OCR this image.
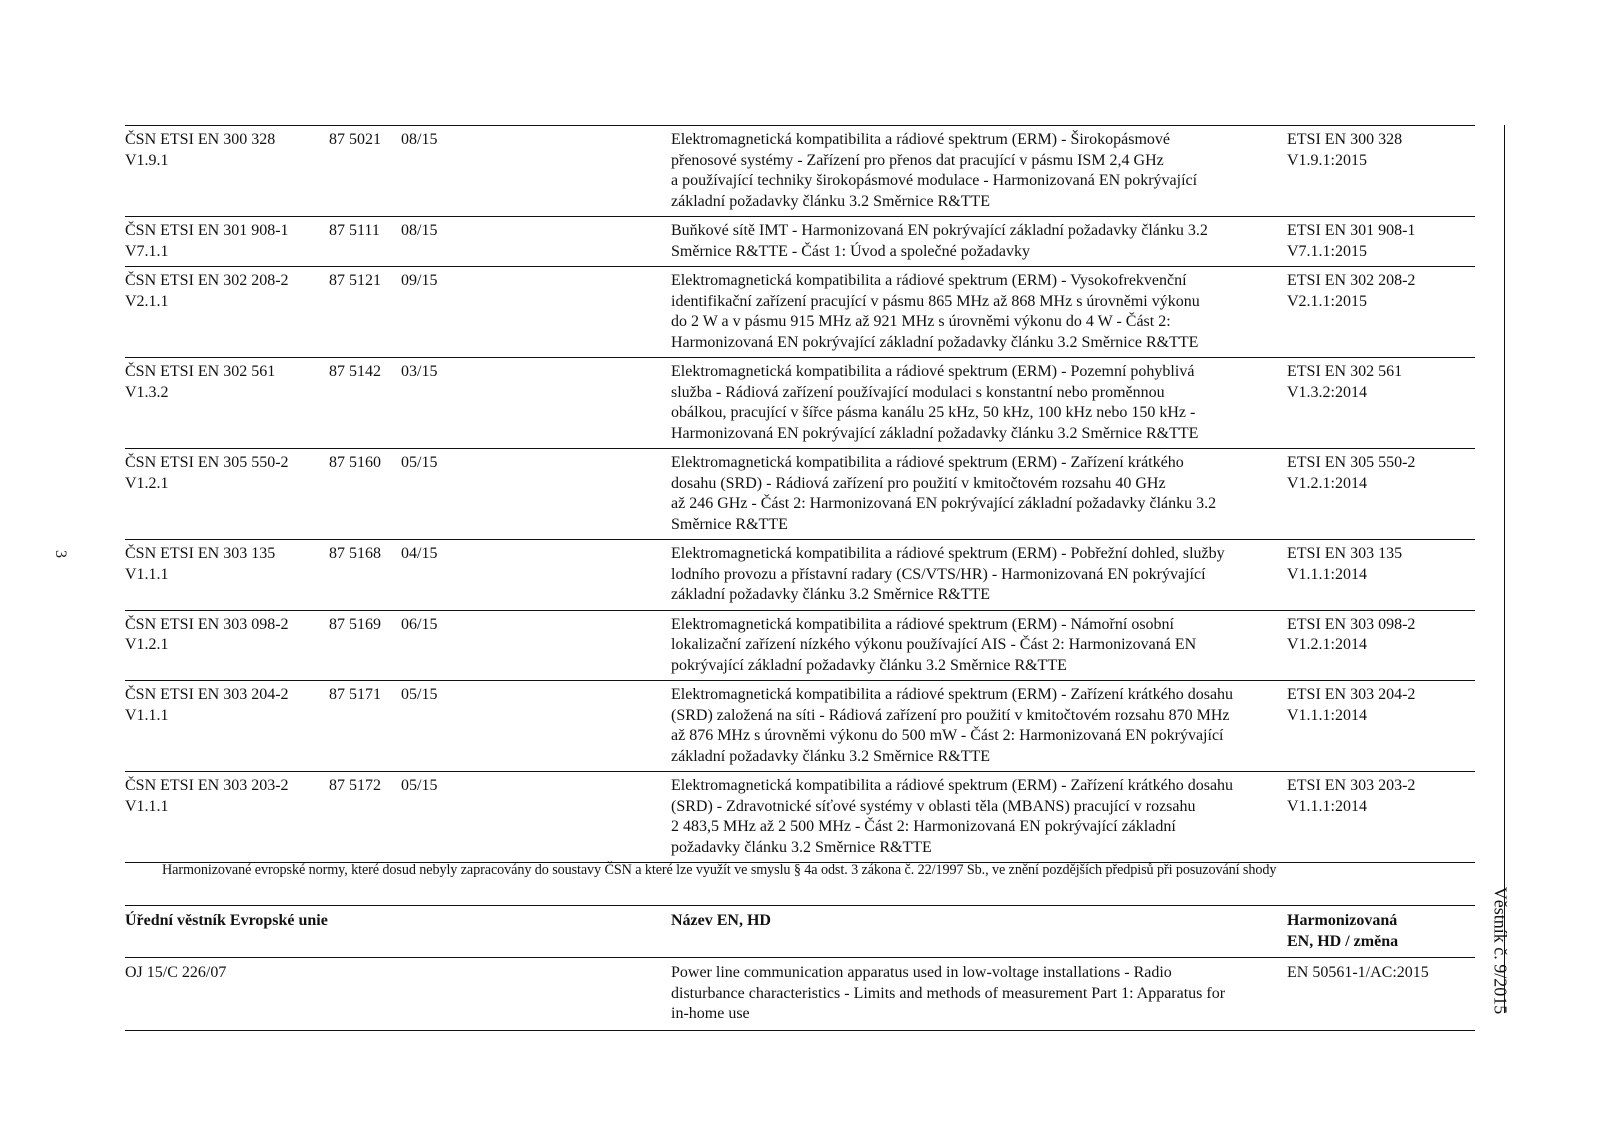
3
Věstník č. 9/2015
ČSN ETSI EN 300 328
V1.9.1	87 5021	08/15	Elektromagnetická kompatibilita a rádiové spektrum (ERM) - Širokopásmové
přenosové systémy - Zařízení pro přenos dat pracující v pásmu ISM 2,4 GHz
a používající techniky širokopásmové modulace - Harmonizovaná EN pokrývající
základní požadavky článku 3.2 Směrnice R&TTE	ETSI EN 300 328
V1.9.1:2015
ČSN ETSI EN 301 908-1
V7.1.1	87 5111	08/15	Buňkové sítě IMT - Harmonizovaná EN pokrývající základní požadavky článku 3.2
Směrnice R&TTE - Část 1: Úvod a společné požadavky	ETSI EN 301 908-1
V7.1.1:2015
ČSN ETSI EN 302 208-2
V2.1.1	87 5121	09/15	Elektromagnetická kompatibilita a rádiové spektrum (ERM) - Vysokofrekvenční
identifikační zařízení pracující v pásmu 865 MHz až 868 MHz s úrovněmi výkonu
do 2 W a v pásmu 915 MHz až 921 MHz s úrovněmi výkonu do 4 W - Část 2:
Harmonizovaná EN pokrývající základní požadavky článku 3.2 Směrnice R&TTE	ETSI EN 302 208-2
V2.1.1:2015
ČSN ETSI EN 302 561
V1.3.2	87 5142	03/15	Elektromagnetická kompatibilita a rádiové spektrum (ERM) - Pozemní pohyblivá
služba - Rádiová zařízení používající modulaci s konstantní nebo proměnnou
obálkou, pracující v šířce pásma kanálu 25 kHz, 50 kHz, 100 kHz nebo 150 kHz -
Harmonizovaná EN pokrývající základní požadavky článku 3.2 Směrnice R&TTE	ETSI EN 302 561
V1.3.2:2014
ČSN ETSI EN 305 550-2
V1.2.1	87 5160	05/15	Elektromagnetická kompatibilita a rádiové spektrum (ERM) - Zařízení krátkého
dosahu (SRD) - Rádiová zařízení pro použití v kmitočtovém rozsahu 40 GHz
až 246 GHz - Část 2: Harmonizovaná EN pokrývající základní požadavky článku 3.2
Směrnice R&TTE	ETSI EN 305 550-2
V1.2.1:2014
ČSN ETSI EN 303 135
V1.1.1	87 5168	04/15	Elektromagnetická kompatibilita a rádiové spektrum (ERM) - Pobřežní dohled, služby
lodního provozu a přístavní radary (CS/VTS/HR) - Harmonizovaná EN pokrývající
základní požadavky článku 3.2 Směrnice R&TTE	ETSI EN 303 135
V1.1.1:2014
ČSN ETSI EN 303 098-2
V1.2.1	87 5169	06/15	Elektromagnetická kompatibilita a rádiové spektrum (ERM) - Námořní osobní
lokalizační zařízení nízkého výkonu používající AIS - Část 2: Harmonizovaná EN
pokrývající základní požadavky článku 3.2 Směrnice R&TTE	ETSI EN 303 098-2
V1.2.1:2014
ČSN ETSI EN 303 204-2
V1.1.1	87 5171	05/15	Elektromagnetická kompatibilita a rádiové spektrum (ERM) - Zařízení krátkého dosahu
(SRD) založená na síti - Rádiová zařízení pro použití v kmitočtovém rozsahu 870 MHz
až 876 MHz s úrovněmi výkonu do 500 mW - Část 2: Harmonizovaná EN pokrývající
základní požadavky článku 3.2 Směrnice R&TTE	ETSI EN 303 204-2
V1.1.1:2014
ČSN ETSI EN 303 203-2
V1.1.1	87 5172	05/15	Elektromagnetická kompatibilita a rádiové spektrum (ERM) - Zařízení krátkého dosahu
(SRD) - Zdravotnické síťové systémy v oblasti těla (MBANS) pracující v rozsahu
2 483,5 MHz až 2 500 MHz - Část 2: Harmonizovaná EN pokrývající základní
požadavky článku 3.2 Směrnice R&TTE	ETSI EN 303 203-2
V1.1.1:2014
Harmonizované evropské normy, které dosud nebyly zapracovány do soustavy ČSN a které lze využít ve smyslu § 4a odst. 3 zákona č. 22/1997 Sb., ve znění pozdějších předpisů při posuzování shody
Úřední věstník Evropské unie	Název EN, HD	Harmonizovaná
EN, HD / změna
OJ 15/C 226/07	Power line communication apparatus used in low-voltage installations - Radio
disturbance characteristics - Limits and methods of measurement Part 1: Apparatus for
in-home use	EN 50561-1/AC:2015
